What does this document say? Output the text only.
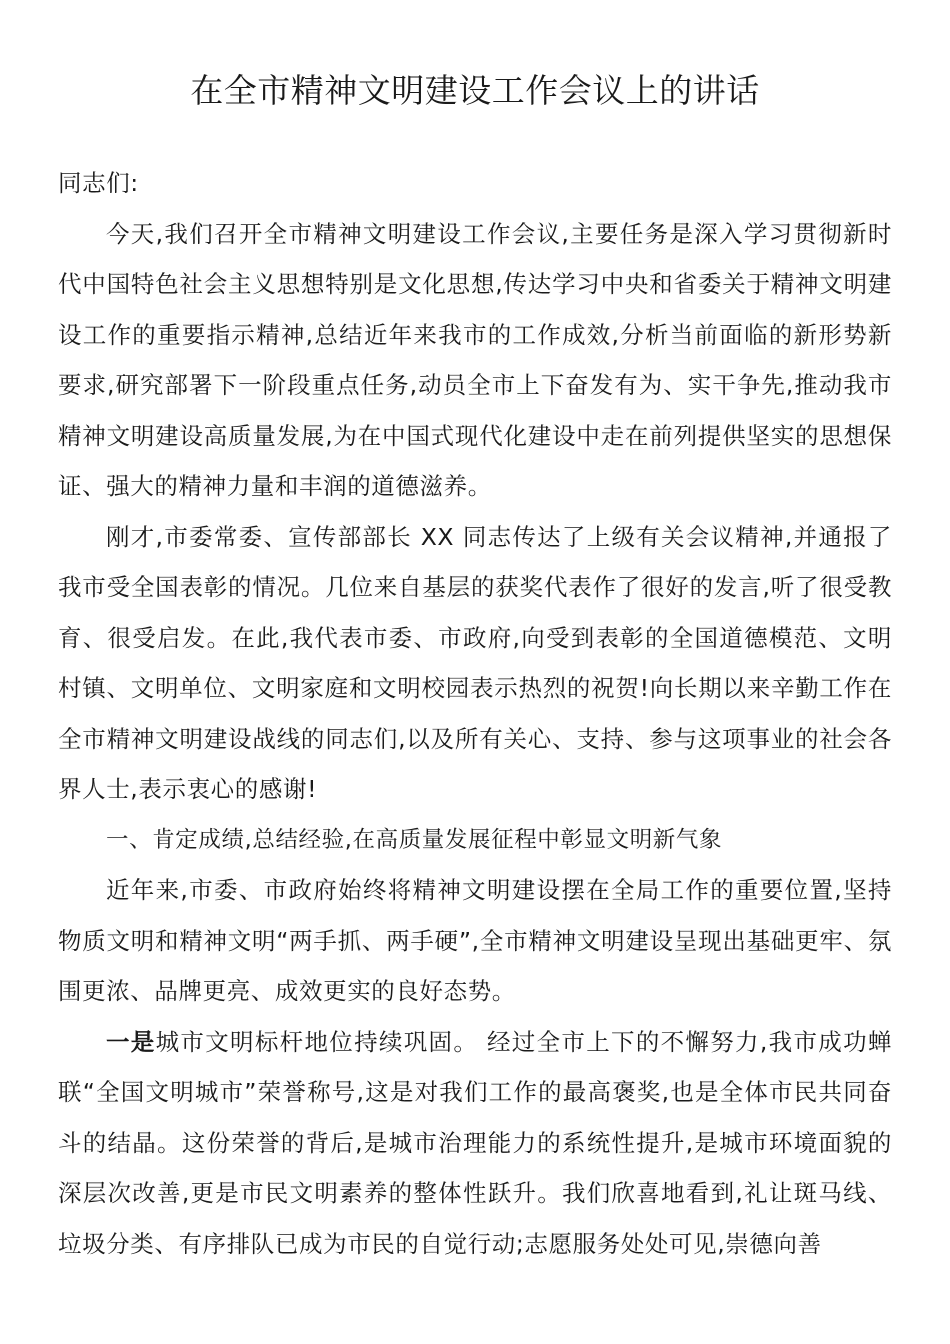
在全市精神文明建设工作会议上的讲话

同志们:

今天,我们召开全市精神文明建设工作会议,主要任务是深入学习贯彻新时代中国特色社会主义思想特别是文化思想,传达学习中央和省委关于精神文明建设工作的重要指示精神,总结近年来我市的工作成效,分析当前面临的新形势新要求,研究部署下一阶段重点任务,动员全市上下奋发有为、实干争先,推动我市精神文明建设高质量发展,为在中国式现代化建设中走在前列提供坚实的思想保证、强大的精神力量和丰润的道德滋养。

刚才,市委常委、宣传部部长 XX 同志传达了上级有关会议精神,并通报了我市受全国表彰的情况。几位来自基层的获奖代表作了很好的发言,听了很受教育、很受启发。在此,我代表市委、市政府,向受到表彰的全国道德模范、文明村镇、文明单位、文明家庭和文明校园表示热烈的祝贺!向长期以来辛勤工作在全市精神文明建设战线的同志们,以及所有关心、支持、参与这项事业的社会各界人士,表示衷心的感谢!

一、肯定成绩,总结经验,在高质量发展征程中彰显文明新气象

近年来,市委、市政府始终将精神文明建设摆在全局工作的重要位置,坚持物质文明和精神文明“两手抓、两手硬”,全市精神文明建设呈现出基础更牢、氛围更浓、品牌更亮、成效更实的良好态势。

一是城市文明标杆地位持续巩固。 经过全市上下的不懈努力,我市成功蝉联“全国文明城市”荣誉称号,这是对我们工作的最高褒奖,也是全体市民共同奋斗的结晶。这份荣誉的背后,是城市治理能力的系统性提升,是城市环境面貌的深层次改善,更是市民文明素养的整体性跃升。我们欣喜地看到,礼让斑马线、垃圾分类、有序排队已成为市民的自觉行动;志愿服务处处可见,崇德向善
